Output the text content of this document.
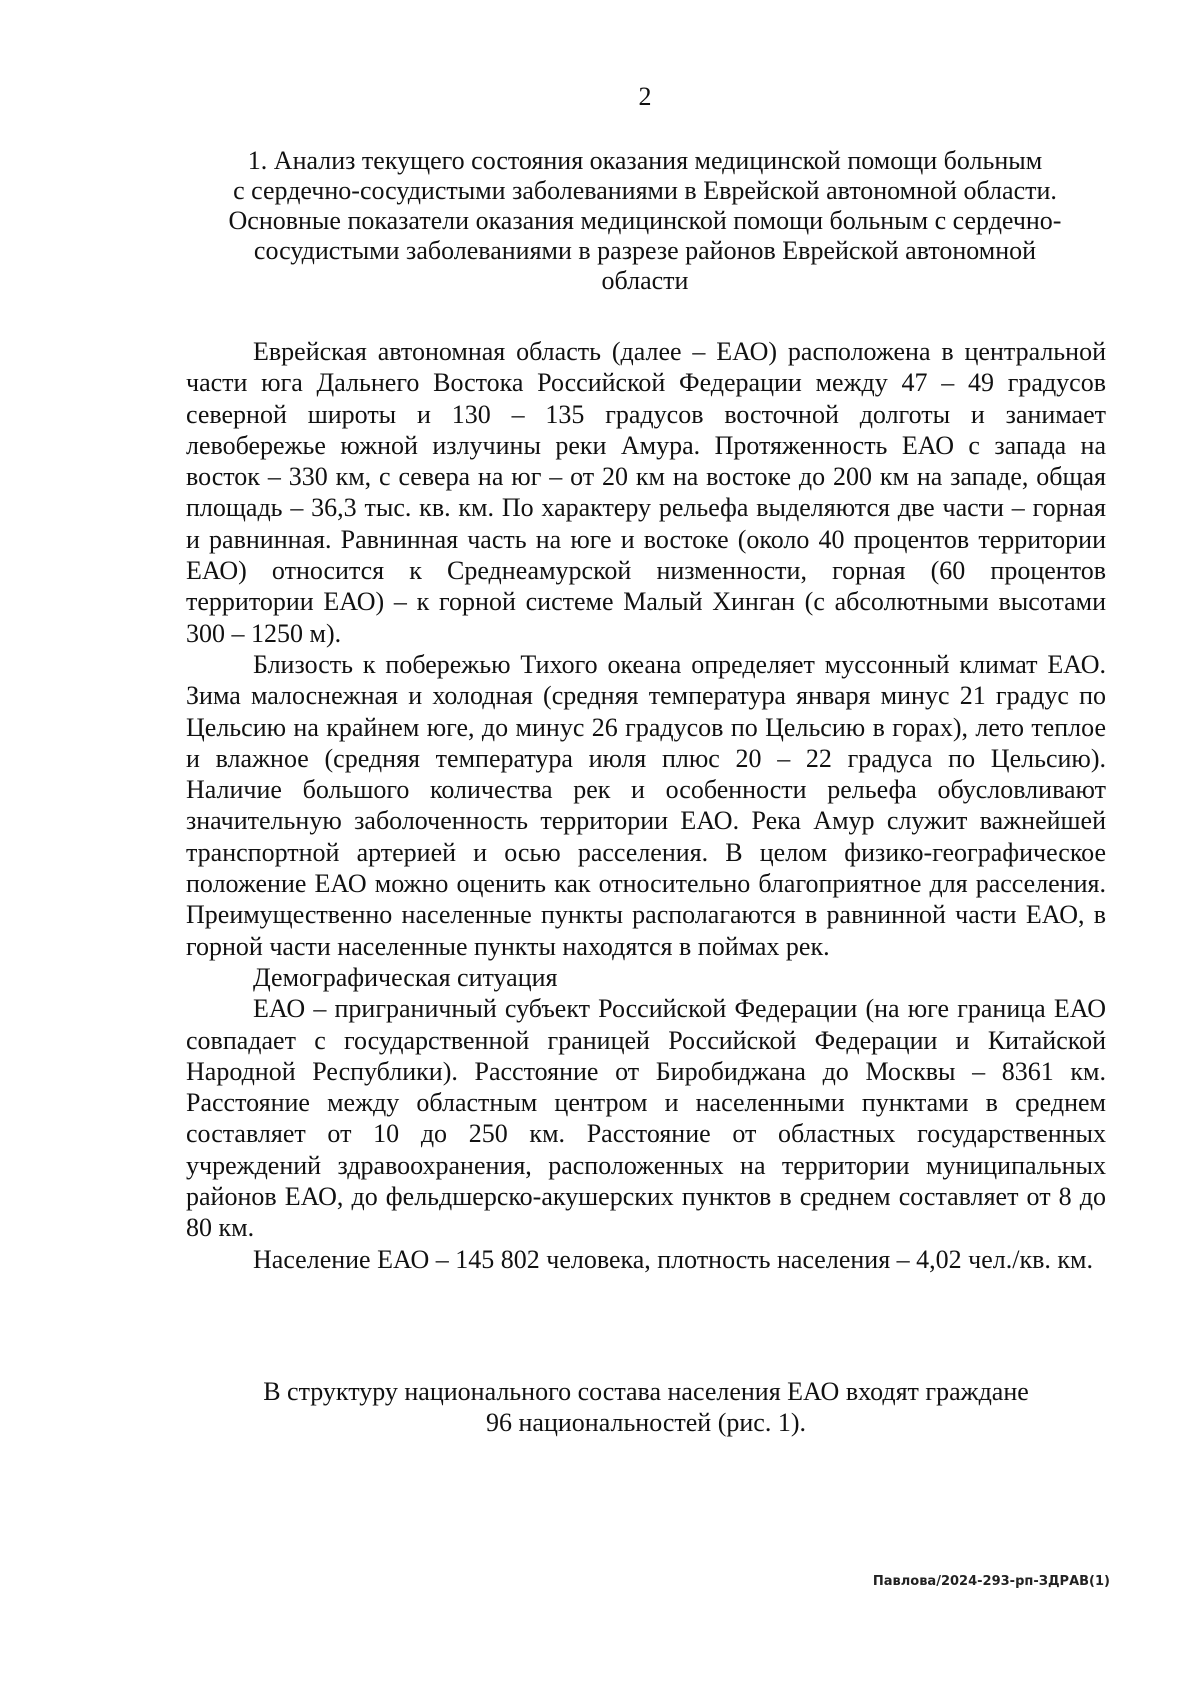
2
1. Анализ текущего состояния оказания медицинской помощи больным
с сердечно-сосудистыми заболеваниями в Еврейской автономной области.
Основные показатели оказания медицинской помощи больным с сердечно-
сосудистыми заболеваниями в разрезе районов Еврейской автономной
области

Еврейская автономная область (далее – ЕАО) расположена в центральной части юга Дальнего Востока Российской Федерации между 47 – 49 градусов северной широты и 130 – 135 градусов восточной долготы и занимает левобережье южной излучины реки Амура. Протяженность ЕАО с запада на восток – 330 км, с севера на юг – от 20 км на востоке до 200 км на западе, общая площадь – 36,3 тыс. кв. км. По характеру рельефа выделяются две части – горная и равнинная. Равнинная часть на юге и востоке (около 40 процентов территории ЕАО) относится к Среднеамурской низменности, горная (60 процентов территории ЕАО) – к горной системе Малый Хинган (с абсолютными высотами 300 – 1250 м).

Близость к побережью Тихого океана определяет муссонный климат ЕАО. Зима малоснежная и холодная (средняя температура января минус 21 градус по Цельсию на крайнем юге, до минус 26 градусов по Цельсию в горах), лето теплое и влажное (средняя температура июля плюс 20 – 22 градуса по Цельсию). Наличие большого количества рек и особенности рельефа обусловливают значительную заболоченность территории ЕАО. Река Амур служит важнейшей транспортной артерией и осью расселения. В целом физико-географическое положение ЕАО можно оценить как относительно благоприятное для расселения. Преимущественно населенные пункты располагаются в равнинной части ЕАО, в горной части населенные пункты находятся в поймах рек.

Демографическая ситуация

ЕАО – приграничный субъект Российской Федерации (на юге граница ЕАО совпадает с государственной границей Российской Федерации и Китайской Народной Республики). Расстояние от Биробиджана до Москвы – 8361 км. Расстояние между областным центром и населенными пунктами в среднем составляет от 10 до 250 км. Расстояние от областных государственных учреждений здравоохранения, расположенных на территории муниципальных районов ЕАО, до фельдшерско-акушерских пунктов в среднем составляет от 8 до 80 км.

Население ЕАО – 145 802 человека, плотность населения – 4,02 чел./кв. км.

В структуру национального состава населения ЕАО входят граждане
96 национальностей (рис. 1).
Павлова/2024-293-рп-ЗДРАВ(1)
